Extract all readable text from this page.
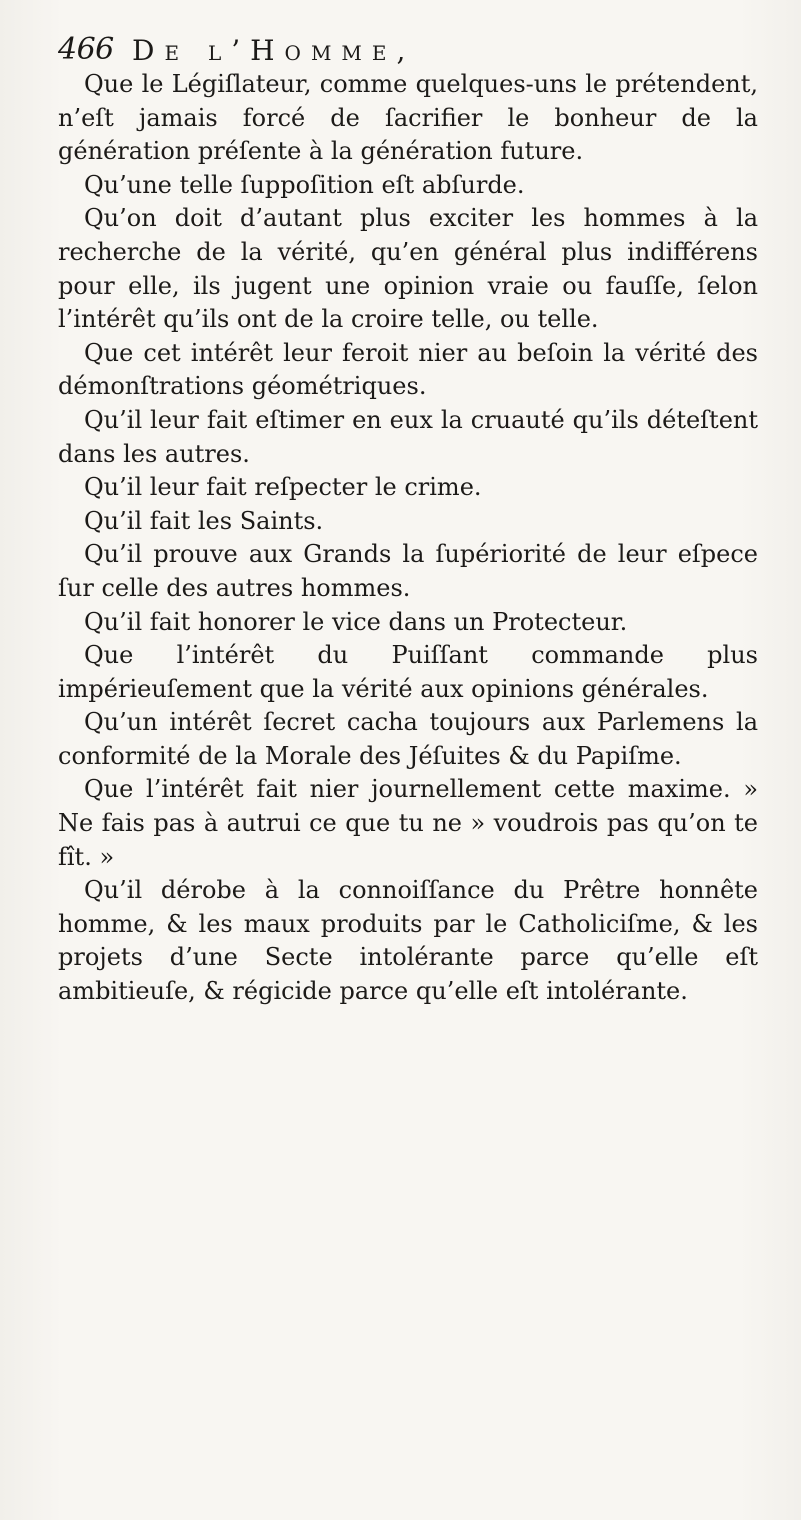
466 De l’Homme,

Que le Légiſlateur, comme quelques-uns le prétendent, n’eſt jamais forcé de ſacrifier le bonheur de la génération préſente à la génération future.

Qu’une telle ſuppoſition eſt abſurde.

Qu’on doit d’autant plus exciter les hommes à la recherche de la vérité, qu’en général plus indifférens pour elle, ils jugent une opinion vraie ou fauſſe, ſelon l’intérêt qu’ils ont de la croire telle, ou telle.

Que cet intérêt leur feroit nier au beſoin la vérité des démonſtrations géométriques.

Qu’il leur fait eſtimer en eux la cruauté qu’ils déteſtent dans les autres.

Qu’il leur fait reſpecter le crime.

Qu’il fait les Saints.

Qu’il prouve aux Grands la ſupériorité de leur eſpece ſur celle des autres hommes.

Qu’il fait honorer le vice dans un Protecteur.

Que l’intérêt du Puiſſant commande plus impérieuſement que la vérité aux opinions générales.

Qu’un intérêt ſecret cacha toujours aux Parlemens la conformité de la Morale des Jéſuites & du Papiſme.

Que l’intérêt fait nier journellement cette maxime. » Ne fais pas à autrui ce que tu ne » voudrois pas qu’on te fît. »

Qu’il dérobe à la connoiſſance du Prêtre honnête homme, & les maux produits par le Catholiciſme, & les projets d’une Secte intolérante parce qu’elle eſt ambitieuſe, & régicide parce qu’elle eſt intolérante.
